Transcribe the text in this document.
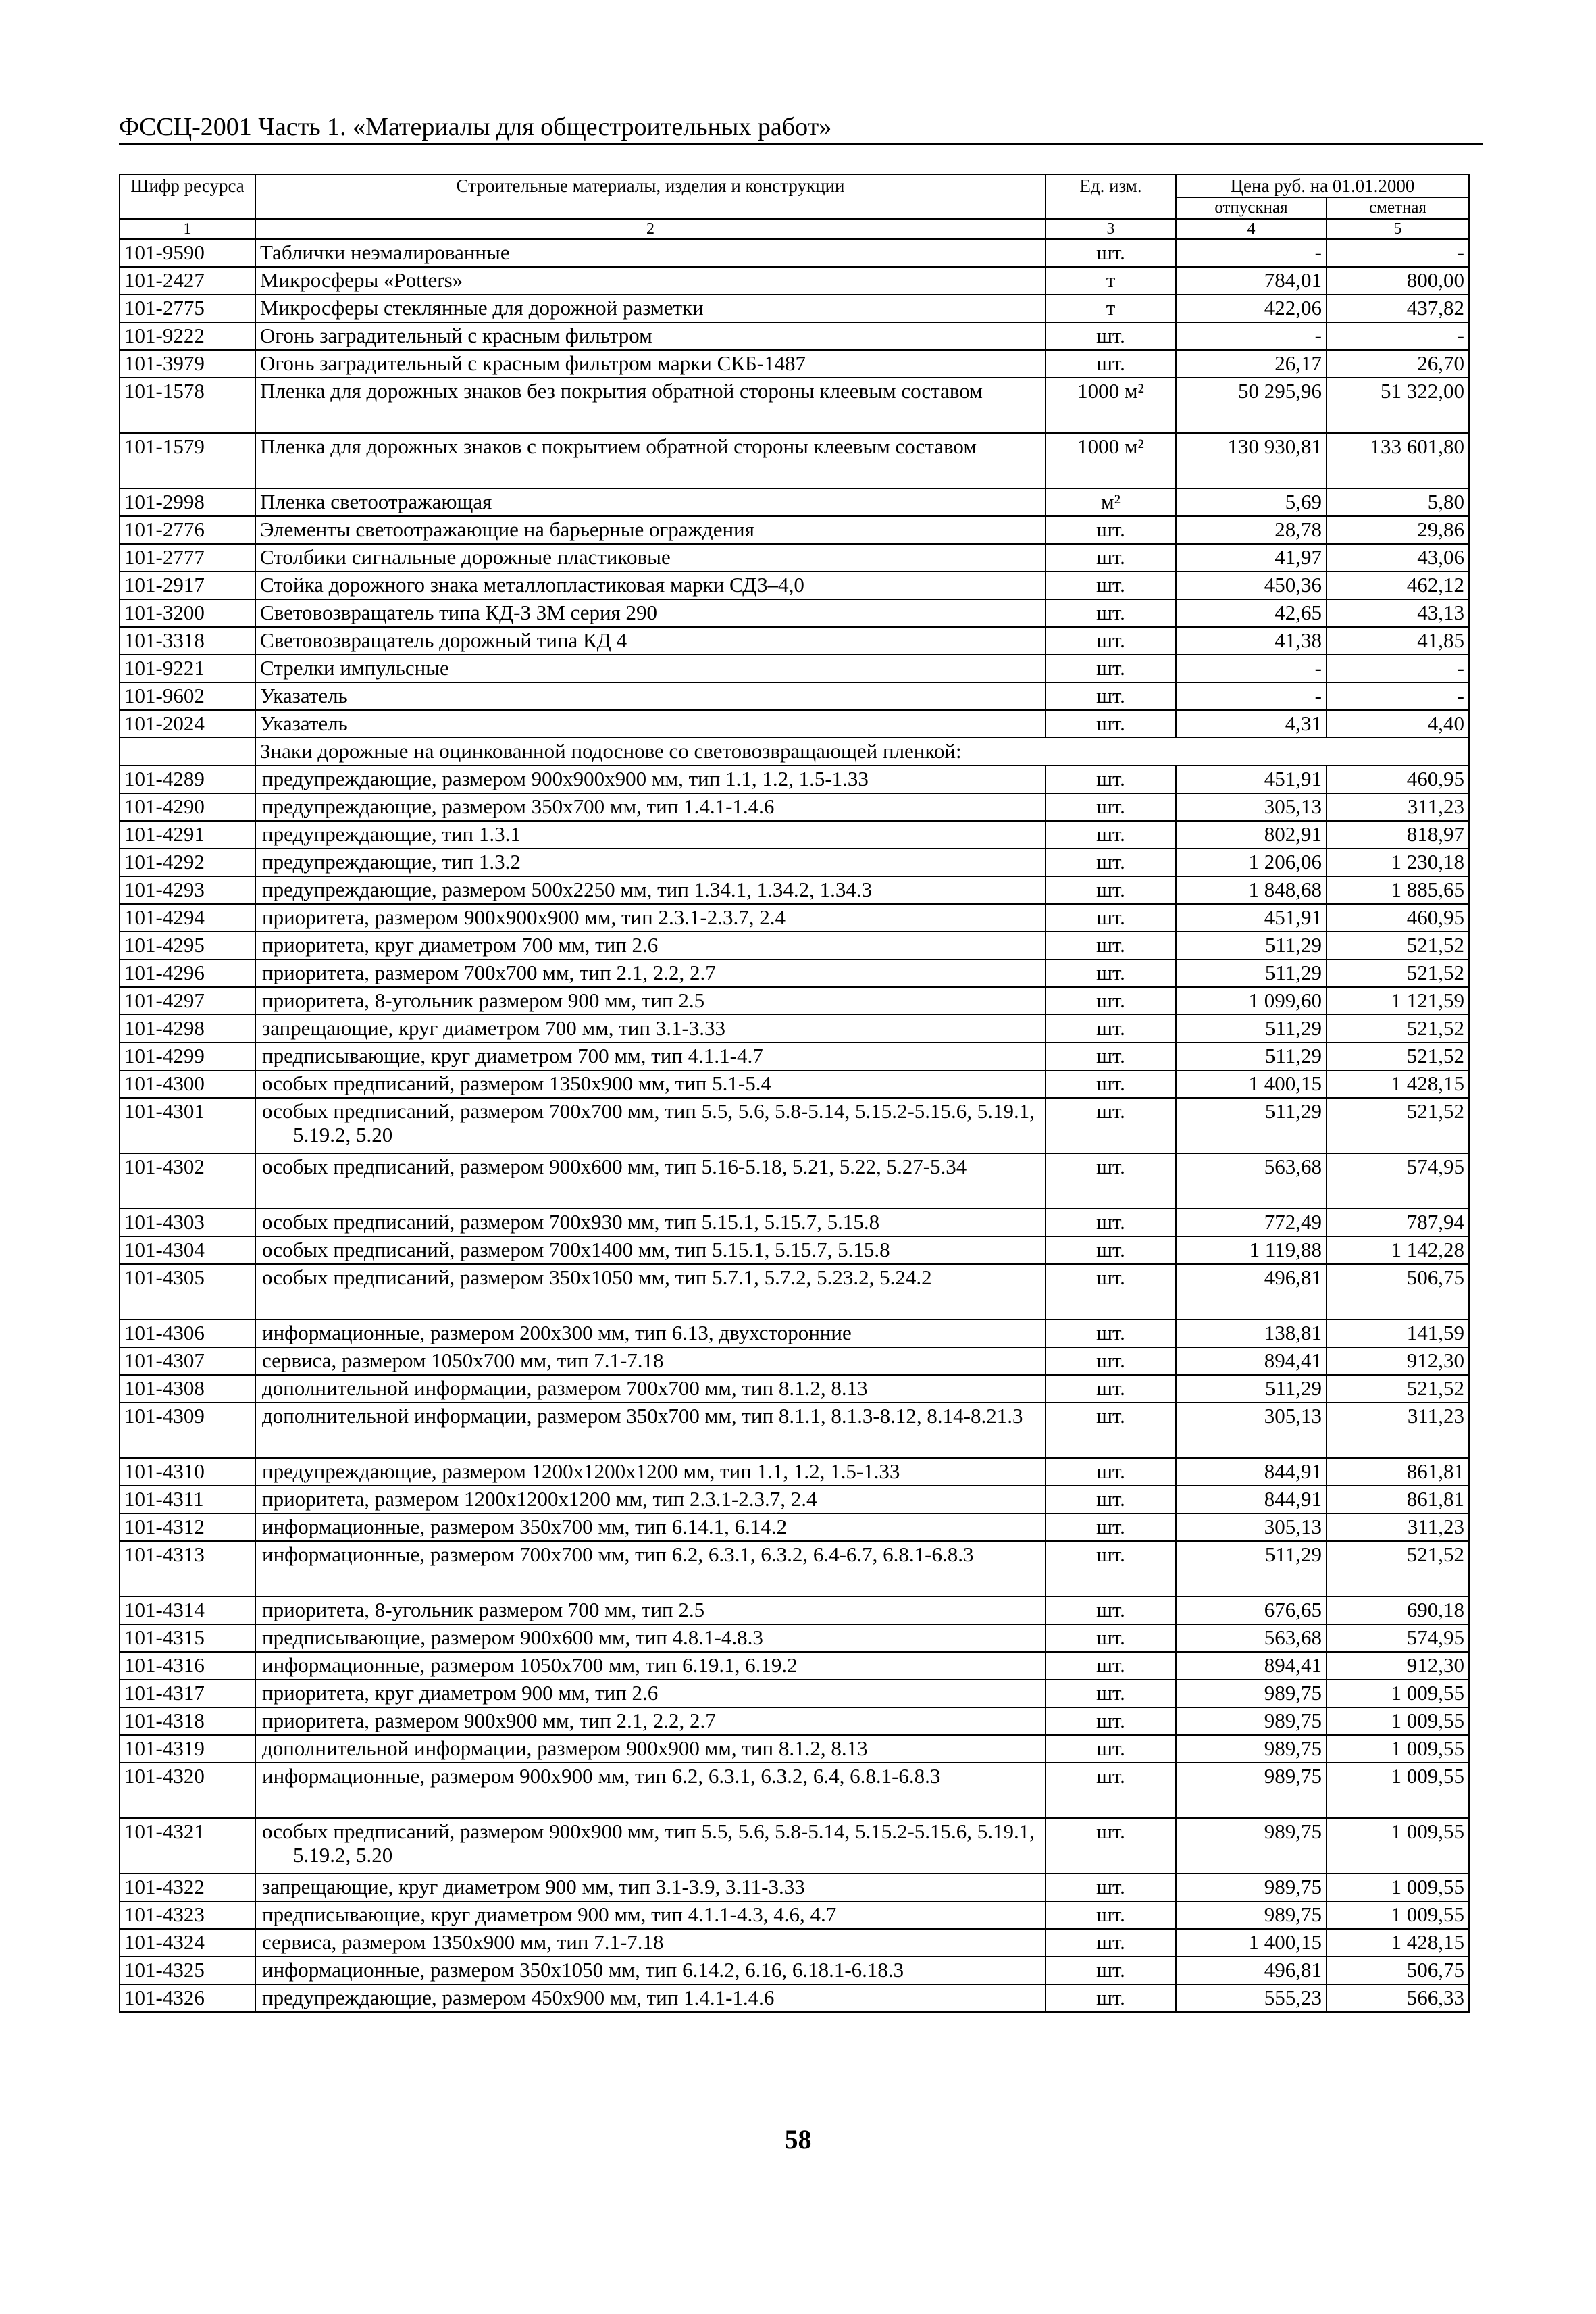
ФССЦ-2001 Часть 1. «Материалы для общестроительных работ»
Шифр ресурса	Строительные материалы, изделия и конструкции	Ед. изм.	Цена руб. на 01.01.2000	
			отпускная	сметная
1	2	3	4	5
101-9590	Таблички неэмалированные	шт.	-	-
101-2427	Микросферы «Potters»	т	784,01	800,00
101-2775	Микросферы стеклянные для дорожной разметки	т	422,06	437,82
101-9222	Огонь заградительный с красным фильтром	шт.	-	-
101-3979	Огонь заградительный с красным фильтром марки СКБ-1487	шт.	26,17	26,70
101-1578	Пленка для дорожных знаков без покрытия обратной стороны клеевым составом	1000 м²	50 295,96	51 322,00
101-1579	Пленка для дорожных знаков с покрытием обратной стороны клеевым составом	1000 м²	130 930,81	133 601,80
101-2998	Пленка светоотражающая	м²	5,69	5,80
101-2776	Элементы светоотражающие на барьерные ограждения	шт.	28,78	29,86
101-2777	Столбики сигнальные дорожные пластиковые	шт.	41,97	43,06
101-2917	Стойка дорожного знака металлопластиковая марки СДЗ–4,0	шт.	450,36	462,12
101-3200	Световозвращатель типа КД-3 ЗМ серия 290	шт.	42,65	43,13
101-3318	Световозвращатель дорожный типа КД 4	шт.	41,38	41,85
101-9221	Стрелки импульсные	шт.	-	-
101-9602	Указатель	шт.	-	-
101-2024	Указатель	шт.	4,31	4,40
	Знаки дорожные на оцинкованной подоснове со световозвращающей пленкой:			
101-4289	предупреждающие, размером 900х900х900 мм, тип 1.1, 1.2, 1.5-1.33	шт.	451,91	460,95
101-4290	предупреждающие, размером 350х700 мм, тип 1.4.1-1.4.6	шт.	305,13	311,23
101-4291	предупреждающие, тип 1.3.1	шт.	802,91	818,97
101-4292	предупреждающие, тип 1.3.2	шт.	1 206,06	1 230,18
101-4293	предупреждающие, размером 500х2250 мм, тип 1.34.1, 1.34.2, 1.34.3	шт.	1 848,68	1 885,65
101-4294	приоритета, размером 900х900х900 мм, тип 2.3.1-2.3.7, 2.4	шт.	451,91	460,95
101-4295	приоритета, круг диаметром 700 мм, тип 2.6	шт.	511,29	521,52
101-4296	приоритета, размером 700х700 мм, тип 2.1, 2.2, 2.7	шт.	511,29	521,52
101-4297	приоритета, 8-угольник размером 900 мм, тип 2.5	шт.	1 099,60	1 121,59
101-4298	запрещающие, круг диаметром 700 мм, тип 3.1-3.33	шт.	511,29	521,52
101-4299	предписывающие, круг диаметром 700 мм, тип 4.1.1-4.7	шт.	511,29	521,52
101-4300	особых предписаний, размером 1350х900 мм, тип 5.1-5.4	шт.	1 400,15	1 428,15
101-4301	особых предписаний, размером 700х700 мм, тип 5.5, 5.6, 5.8-5.14, 5.15.2-5.15.6, 5.19.1, 5.19.2, 5.20	шт.	511,29	521,52
101-4302	особых предписаний, размером 900х600 мм, тип 5.16-5.18, 5.21, 5.22, 5.27-5.34	шт.	563,68	574,95
101-4303	особых предписаний, размером 700х930 мм, тип 5.15.1, 5.15.7, 5.15.8	шт.	772,49	787,94
101-4304	особых предписаний, размером 700х1400 мм, тип 5.15.1, 5.15.7, 5.15.8	шт.	1 119,88	1 142,28
101-4305	особых предписаний, размером 350х1050 мм, тип 5.7.1, 5.7.2, 5.23.2, 5.24.2	шт.	496,81	506,75
101-4306	информационные, размером 200х300 мм, тип 6.13, двухсторонние	шт.	138,81	141,59
101-4307	сервиса, размером 1050х700 мм, тип 7.1-7.18	шт.	894,41	912,30
101-4308	дополнительной информации, размером 700х700 мм, тип 8.1.2, 8.13	шт.	511,29	521,52
101-4309	дополнительной информации, размером 350х700 мм, тип 8.1.1, 8.1.3-8.12, 8.14-8.21.3	шт.	305,13	311,23
101-4310	предупреждающие, размером 1200х1200х1200 мм, тип 1.1, 1.2, 1.5-1.33	шт.	844,91	861,81
101-4311	приоритета, размером 1200х1200х1200 мм, тип 2.3.1-2.3.7, 2.4	шт.	844,91	861,81
101-4312	информационные, размером 350х700 мм, тип 6.14.1, 6.14.2	шт.	305,13	311,23
101-4313	информационные, размером 700х700 мм, тип 6.2, 6.3.1, 6.3.2, 6.4-6.7, 6.8.1-6.8.3	шт.	511,29	521,52
101-4314	приоритета, 8-угольник размером 700 мм, тип 2.5	шт.	676,65	690,18
101-4315	предписывающие, размером 900х600 мм, тип 4.8.1-4.8.3	шт.	563,68	574,95
101-4316	информационные, размером 1050х700 мм, тип 6.19.1, 6.19.2	шт.	894,41	912,30
101-4317	приоритета, круг диаметром 900 мм, тип 2.6	шт.	989,75	1 009,55
101-4318	приоритета, размером 900х900 мм, тип 2.1, 2.2, 2.7	шт.	989,75	1 009,55
101-4319	дополнительной информации, размером 900х900 мм, тип 8.1.2, 8.13	шт.	989,75	1 009,55
101-4320	информационные, размером 900х900 мм, тип 6.2, 6.3.1, 6.3.2, 6.4, 6.8.1-6.8.3	шт.	989,75	1 009,55
101-4321	особых предписаний, размером 900х900 мм, тип 5.5, 5.6, 5.8-5.14, 5.15.2-5.15.6, 5.19.1, 5.19.2, 5.20	шт.	989,75	1 009,55
101-4322	запрещающие, круг диаметром 900 мм, тип 3.1-3.9, 3.11-3.33	шт.	989,75	1 009,55
101-4323	предписывающие, круг диаметром 900 мм, тип 4.1.1-4.3, 4.6, 4.7	шт.	989,75	1 009,55
101-4324	сервиса, размером 1350х900 мм, тип 7.1-7.18	шт.	1 400,15	1 428,15
101-4325	информационные, размером 350х1050 мм, тип 6.14.2, 6.16, 6.18.1-6.18.3	шт.	496,81	506,75
101-4326	предупреждающие, размером 450х900 мм, тип 1.4.1-1.4.6	шт.	555,23	566,33
58
